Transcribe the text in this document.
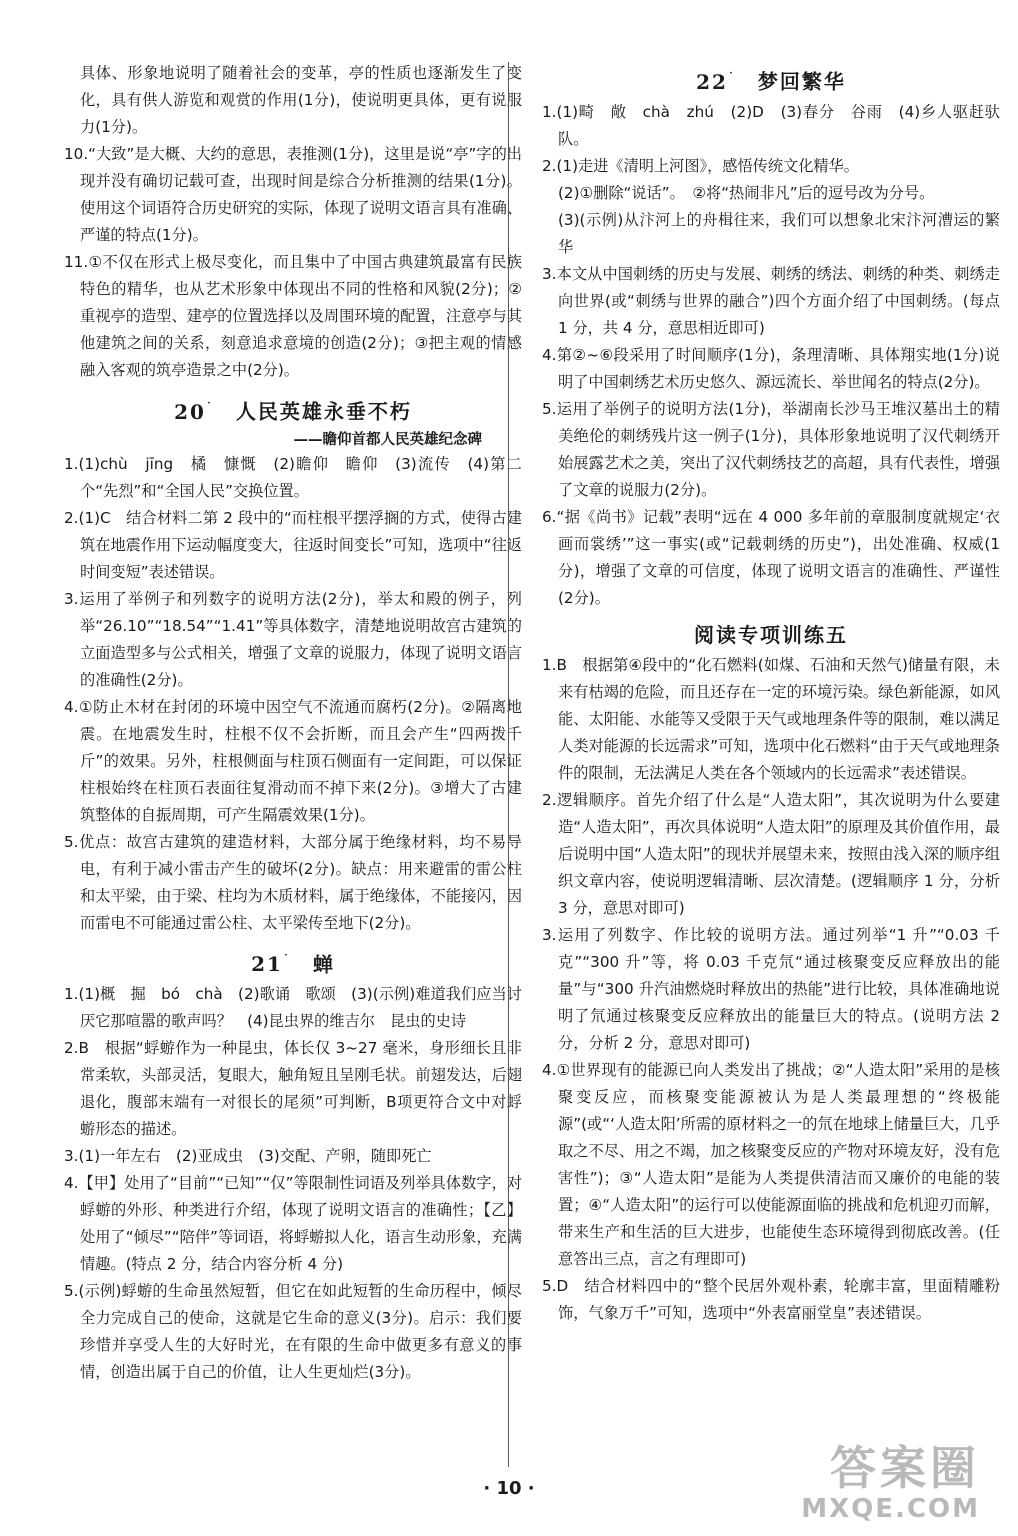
具体、形象地说明了随着社会的变革，亭的性质也逐渐发生了变化，具有供人游览和观赏的作用(1分)，使说明更具体，更有说服力(1分)。

10.“大致”是大概、大约的意思，表推测(1分)，这里是说“亭”字的出现并没有确切记载可查，出现时间是综合分析推测的结果(1分)。使用这个词语符合历史研究的实际，体现了说明文语言具有准确、严谨的特点(1分)。

11.①不仅在形式上极尽变化，而且集中了中国古典建筑最富有民族特色的精华，也从艺术形象中体现出不同的性格和风貌(2分)；②重视亭的造型、建亭的位置选择以及周围环境的配置，注意亭与其他建筑之间的关系，刻意追求意境的创造(2分)；③把主观的情感融入客观的筑亭造景之中(2分)。

20˙ 人民英雄永垂不朽

——瞻仰首都人民英雄纪念碑

1.(1)chù　jīng　橘　慷慨　(2)瞻仰　瞻仰　(3)流传　(4)第二个“先烈”和“全国人民”交换位置。

2.(1)C　结合材料二第 2 段中的“而柱根平摆浮搁的方式，使得古建筑在地震作用下运动幅度变大，往返时间变长”可知，选项中“往返时间变短”表述错误。

3.运用了举例子和列数字的说明方法(2分)，举太和殿的例子，列举“26.10”“18.54”“1.41”等具体数字，清楚地说明故宫古建筑的立面造型多与公式相关，增强了文章的说服力，体现了说明文语言的准确性(2分)。

4.①防止木材在封闭的环境中因空气不流通而腐朽(2分)。②隔离地震。在地震发生时，柱根不仅不会折断，而且会产生“四两拨千斤”的效果。另外，柱根侧面与柱顶石侧面有一定间距，可以保证柱根始终在柱顶石表面往复滑动而不掉下来(2分)。③增大了古建筑整体的自振周期，可产生隔震效果(1分)。

5.优点：故宫古建筑的建造材料，大部分属于绝缘材料，均不易导电，有利于减小雷击产生的破坏(2分)。缺点：用来避雷的雷公柱和太平梁，由于梁、柱均为木质材料，属于绝缘体，不能接闪，因而雷电不可能通过雷公柱、太平梁传至地下(2分)。

21˙ 蝉

1.(1)概　掘　bó　chà　(2)歌诵　歌颂　(3)(示例)难道我们应当讨厌它那喧嚣的歌声吗？　(4)昆虫界的维吉尔　昆虫的史诗

2.B　根据“蜉蝣作为一种昆虫，体长仅 3~27 毫米，身形细长且非常柔软，头部灵活，复眼大，触角短且呈刚毛状。前翅发达，后翅退化，腹部末端有一对很长的尾须”可判断，B项更符合文中对蜉蝣形态的描述。

3.(1)一年左右　(2)亚成虫　(3)交配、产卵，随即死亡

4.【甲】处用了“目前”“已知”“仅”等限制性词语及列举具体数字，对蜉蝣的外形、种类进行介绍，体现了说明文语言的准确性；【乙】处用了“倾尽”“陪伴”等词语，将蜉蝣拟人化，语言生动形象，充满情趣。(特点 2 分，结合内容分析 4 分)

5.(示例)蜉蝣的生命虽然短暂，但它在如此短暂的生命历程中，倾尽全力完成自己的使命，这就是它生命的意义(3分)。启示：我们要珍惜并享受人生的大好时光，在有限的生命中做更多有意义的事情，创造出属于自己的价值，让人生更灿烂(3分)。

22˙ 梦回繁华

1.(1)畸　敞　chà　zhú　(2)D　(3)春分　谷雨　(4)乡人驱赶驮队。

2.(1)走进《清明上河图》，感悟传统文化精华。

(2)①删除“说话”。　②将“热闹非凡”后的逗号改为分号。

(3)(示例)从汴河上的舟楫往来，我们可以想象北宋汴河漕运的繁华

3.本文从中国刺绣的历史与发展、刺绣的绣法、刺绣的种类、刺绣走向世界(或“刺绣与世界的融合”)四个方面介绍了中国刺绣。(每点 1 分，共 4 分，意思相近即可)

4.第②~⑥段采用了时间顺序(1分)，条理清晰、具体翔实地(1分)说明了中国刺绣艺术历史悠久、源远流长、举世闻名的特点(2分)。

5.运用了举例子的说明方法(1分)，举湖南长沙马王堆汉墓出土的精美绝伦的刺绣残片这一例子(1分)，具体形象地说明了汉代刺绣开始展露艺术之美，突出了汉代刺绣技艺的高超，具有代表性，增强了文章的说服力(2分)。

6.“据《尚书》记载”表明“远在 4 000 多年前的章服制度就规定‘衣画而裳绣’”这一事实(或“记载刺绣的历史”)，出处准确、权威(1分)，增强了文章的可信度，体现了说明文语言的准确性、严谨性(2分)。

阅读专项训练五

1.B　根据第④段中的“化石燃料(如煤、石油和天然气)储量有限，未来有枯竭的危险，而且还存在一定的环境污染。绿色新能源，如风能、太阳能、水能等又受限于天气或地理条件等的限制，难以满足人类对能源的长远需求”可知，选项中化石燃料“由于天气或地理条件的限制，无法满足人类在各个领域内的长远需求”表述错误。

2.逻辑顺序。首先介绍了什么是“人造太阳”，其次说明为什么要建造“人造太阳”，再次具体说明“人造太阳”的原理及其价值作用，最后说明中国“人造太阳”的现状并展望未来，按照由浅入深的顺序组织文章内容，使说明逻辑清晰、层次清楚。(逻辑顺序 1 分，分析 3 分，意思对即可)

3.运用了列数字、作比较的说明方法。通过列举“1 升”“0.03 千克”“300 升”等，将 0.03 千克氘“通过核聚变反应释放出的能量”与“300 升汽油燃烧时释放出的热能”进行比较，具体准确地说明了氘通过核聚变反应释放出的能量巨大的特点。(说明方法 2 分，分析 2 分，意思对即可)

4.①世界现有的能源已向人类发出了挑战；②“人造太阳”采用的是核聚变反应，而核聚变能源被认为是人类最理想的“终极能源”(或“‘人造太阳’所需的原材料之一的氘在地球上储量巨大，几乎取之不尽、用之不竭，加之核聚变反应的产物对环境友好，没有危害性”)；③“人造太阳”是能为人类提供清洁而又廉价的电能的装置；④“人造太阳”的运行可以使能源面临的挑战和危机迎刃而解，带来生产和生活的巨大进步，也能使生态环境得到彻底改善。(任意答出三点，言之有理即可)

5.D　结合材料四中的“整个民居外观朴素，轮廓丰富，里面精雕粉饰，气象万千”可知，选项中“外表富丽堂皇”表述错误。

· 10 ·	答案圈
MXQE.COM
